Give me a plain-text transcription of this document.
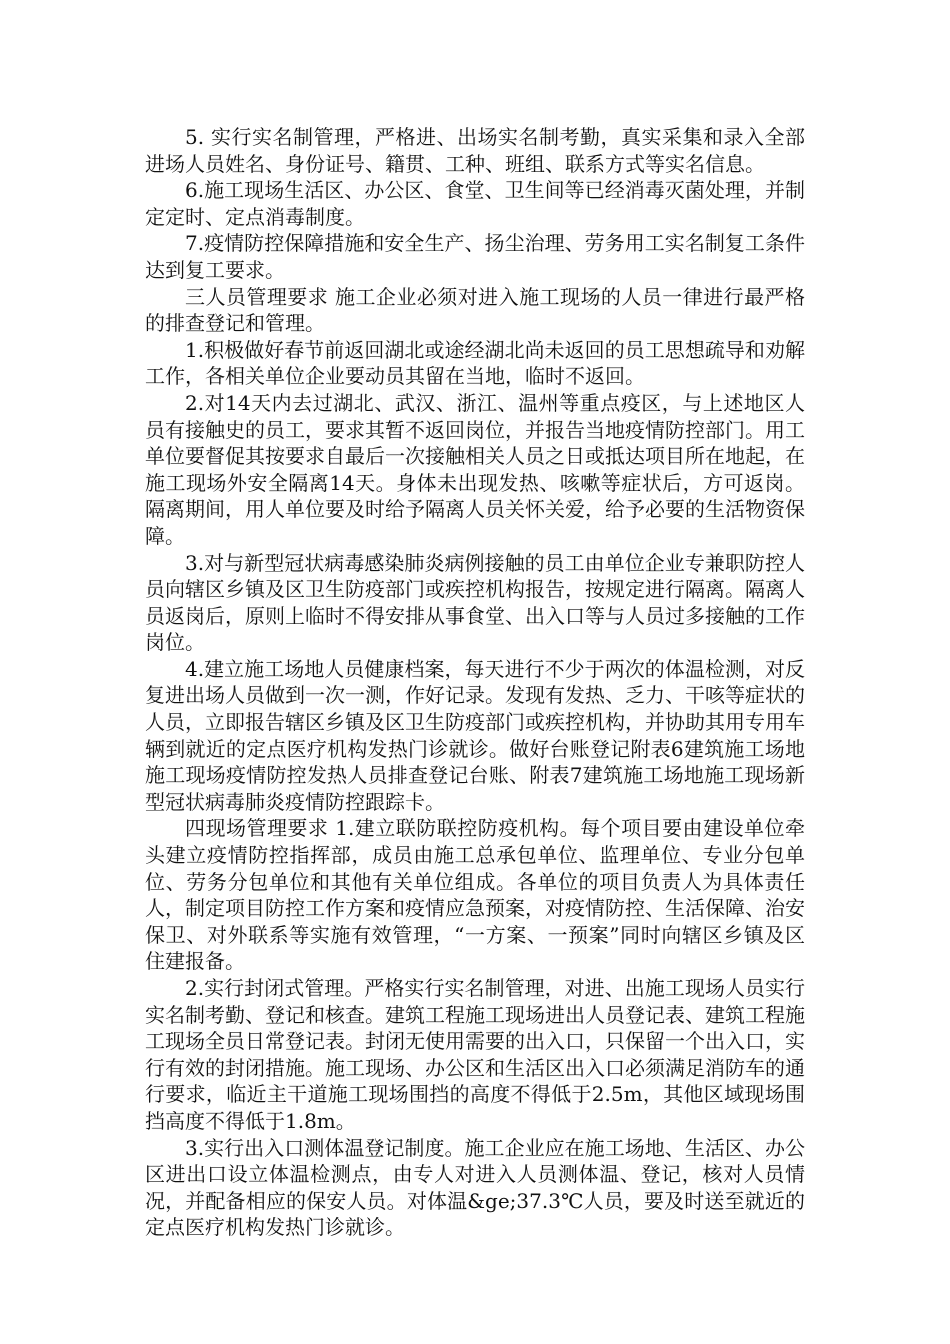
5. 实行实名制管理，严格进、出场实名制考勤，真实采集和录入全部进场人员姓名、身份证号、籍贯、工种、班组、联系方式等实名信息。

6.施工现场生活区、办公区、食堂、卫生间等已经消毒灭菌处理，并制定定时、定点消毒制度。

7.疫情防控保障措施和安全生产、扬尘治理、劳务用工实名制复工条件达到复工要求。

三人员管理要求 施工企业必须对进入施工现场的人员一律进行最严格的排查登记和管理。

1.积极做好春节前返回湖北或途经湖北尚未返回的员工思想疏导和劝解工作，各相关单位企业要动员其留在当地，临时不返回。

2.对14天内去过湖北、武汉、浙江、温州等重点疫区，与上述地区人员有接触史的员工，要求其暂不返回岗位，并报告当地疫情防控部门。用工单位要督促其按要求自最后一次接触相关人员之日或抵达项目所在地起，在施工现场外安全隔离14天。身体未出现发热、咳嗽等症状后，方可返岗。隔离期间，用人单位要及时给予隔离人员关怀关爱，给予必要的生活物资保障。

3.对与新型冠状病毒感染肺炎病例接触的员工由单位企业专兼职防控人员向辖区乡镇及区卫生防疫部门或疾控机构报告，按规定进行隔离。隔离人员返岗后，原则上临时不得安排从事食堂、出入口等与人员过多接触的工作岗位。

4.建立施工场地人员健康档案，每天进行不少于两次的体温检测，对反复进出场人员做到一次一测，作好记录。发现有发热、乏力、干咳等症状的人员，立即报告辖区乡镇及区卫生防疫部门或疾控机构，并协助其用专用车辆到就近的定点医疗机构发热门诊就诊。做好台账登记附表6建筑施工场地施工现场疫情防控发热人员排查登记台账、附表7建筑施工场地施工现场新型冠状病毒肺炎疫情防控跟踪卡。

四现场管理要求 1.建立联防联控防疫机构。每个项目要由建设单位牵头建立疫情防控指挥部，成员由施工总承包单位、监理单位、专业分包单位、劳务分包单位和其他有关单位组成。各单位的项目负责人为具体责任人，制定项目防控工作方案和疫情应急预案，对疫情防控、生活保障、治安保卫、对外联系等实施有效管理，“一方案、一预案”同时向辖区乡镇及区住建报备。

2.实行封闭式管理。严格实行实名制管理，对进、出施工现场人员实行实名制考勤、登记和核查。建筑工程施工现场进出人员登记表、建筑工程施工现场全员日常登记表。封闭无使用需要的出入口，只保留一个出入口，实行有效的封闭措施。施工现场、办公区和生活区出入口必须满足消防车的通行要求，临近主干道施工现场围挡的高度不得低于2.5m，其他区域现场围挡高度不得低于1.8m。

3.实行出入口测体温登记制度。施工企业应在施工场地、生活区、办公区进出口设立体温检测点，由专人对进入人员测体温、登记，核对人员情况，并配备相应的保安人员。对体温&ge;37.3℃人员，要及时送至就近的定点医疗机构发热门诊就诊。
